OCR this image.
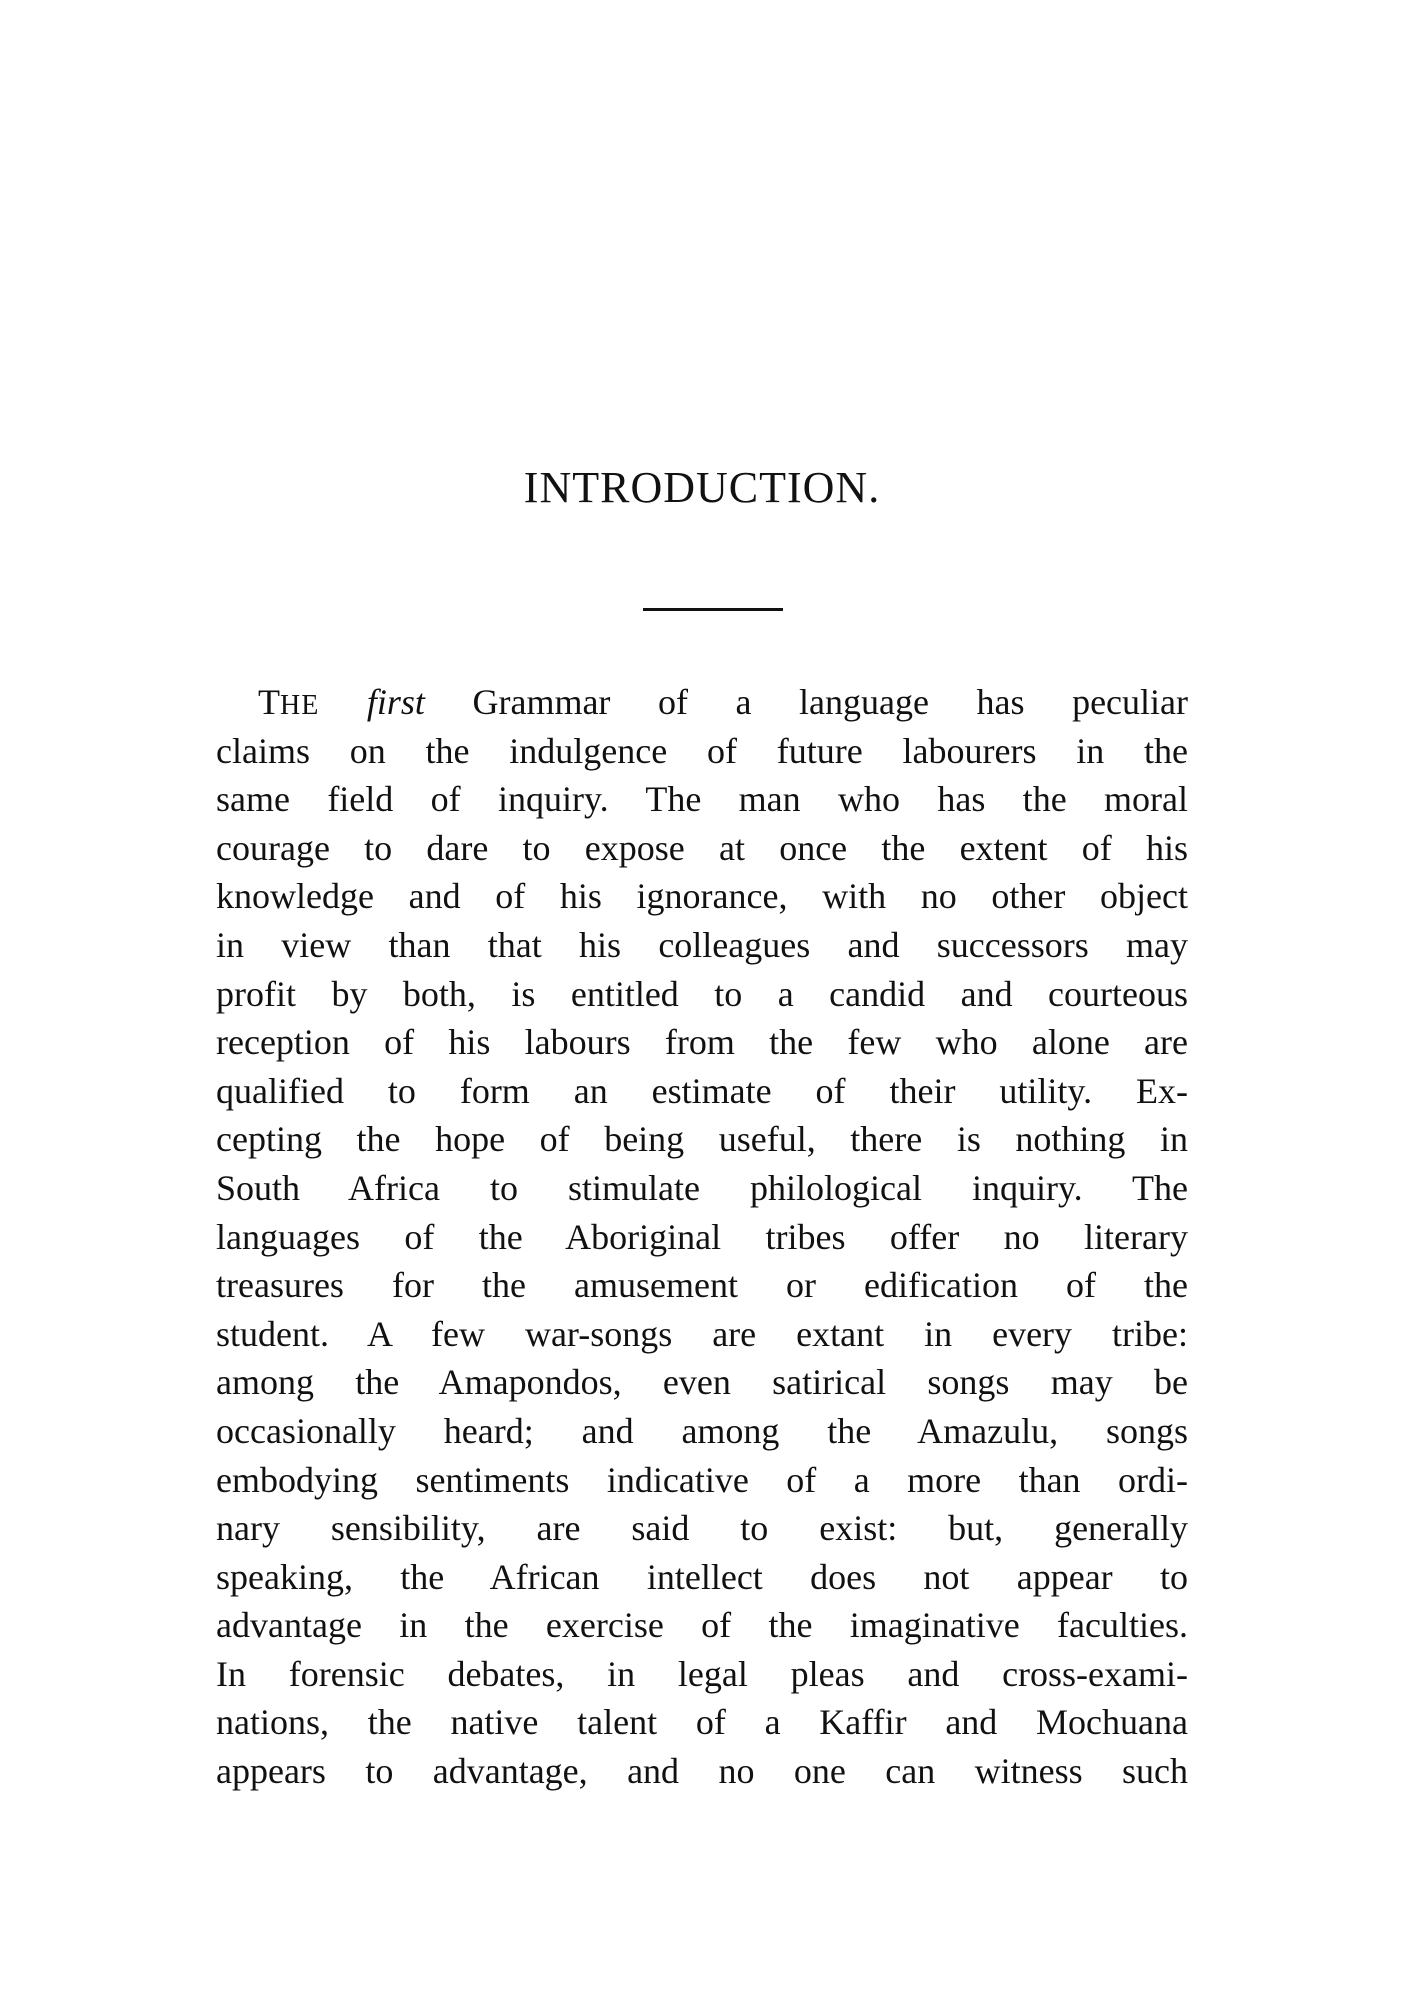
INTRODUCTION.
THE first Grammar of a language has peculiar
claims on the indulgence of future labourers in the
same field of inquiry. The man who has the moral
courage to dare to expose at once the extent of his
knowledge and of his ignorance, with no other object
in view than that his colleagues and successors may
profit by both, is entitled to a candid and courteous
reception of his labours from the few who alone are
qualified to form an estimate of their utility. Ex-
cepting the hope of being useful, there is nothing in
South Africa to stimulate philological inquiry. The
languages of the Aboriginal tribes offer no literary
treasures for the amusement or edification of the
student. A few war-songs are extant in every tribe:
among the Amapondos, even satirical songs may be
occasionally heard; and among the Amazulu, songs
embodying sentiments indicative of a more than ordi-
nary sensibility, are said to exist: but, generally
speaking, the African intellect does not appear to
advantage in the exercise of the imaginative faculties.
In forensic debates, in legal pleas and cross-exami-
nations, the native talent of a Kaffir and Mochuana
appears to advantage, and no one can witness such
